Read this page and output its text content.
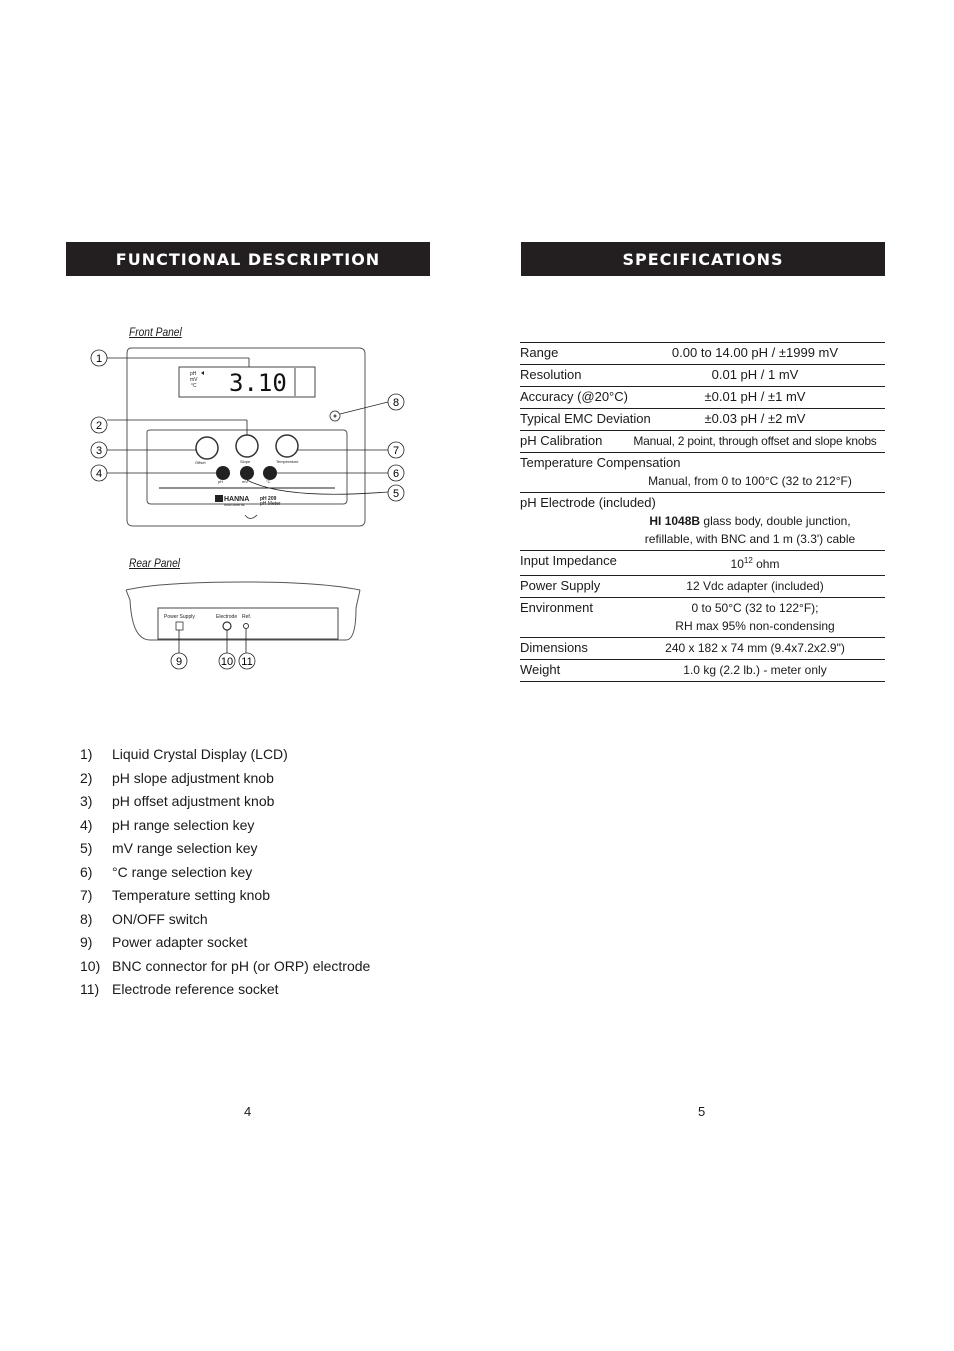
FUNCTIONAL DESCRIPTION	SPECIFICATIONS
Front Panel
pH
mV
°C 3.10
Offset	Slope	Temperature
pH	mV	°C
HANNA
instruments
pH 209
pH Meter
1
2
3
4
8
7
6
5
Rear Panel
Power Supply	Electrode Ref.
9	10 11
Range	0.00 to 14.00 pH / ±1999 mV
Resolution	0.01 pH / 1 mV
Accuracy (@20°C)	±0.01 pH / ±1 mV
Typical EMC Deviation	±0.03 pH / ±2 mV
pH Calibration	Manual, 2 point, through offset and slope knobs
Temperature Compensation
Manual, from 0 to 100°C (32 to 212°F)
pH Electrode (included)
HI 1048B glass body, double junction,
refillable, with BNC and 1 m (3.3') cable
Input Impedance	$10^{12}$ ohm
Power Supply	12 Vdc adapter (included)
Environment	0 to 50°C (32 to 122°F);
RH max 95% non-condensing
Dimensions	240 x 182 x 74 mm (9.4x7.2x2.9")
Weight	1.0 kg (2.2 lb.) - meter only
1)	Liquid Crystal Display (LCD)
2)	pH slope adjustment knob
3)	pH offset adjustment knob
4)	pH range selection key
5)	mV range selection key
6)	°C range selection key
7)	Temperature setting knob
8)	ON/OFF switch
9)	Power adapter socket
10) BNC connector for pH (or ORP) electrode
11) Electrode reference socket
4	5
